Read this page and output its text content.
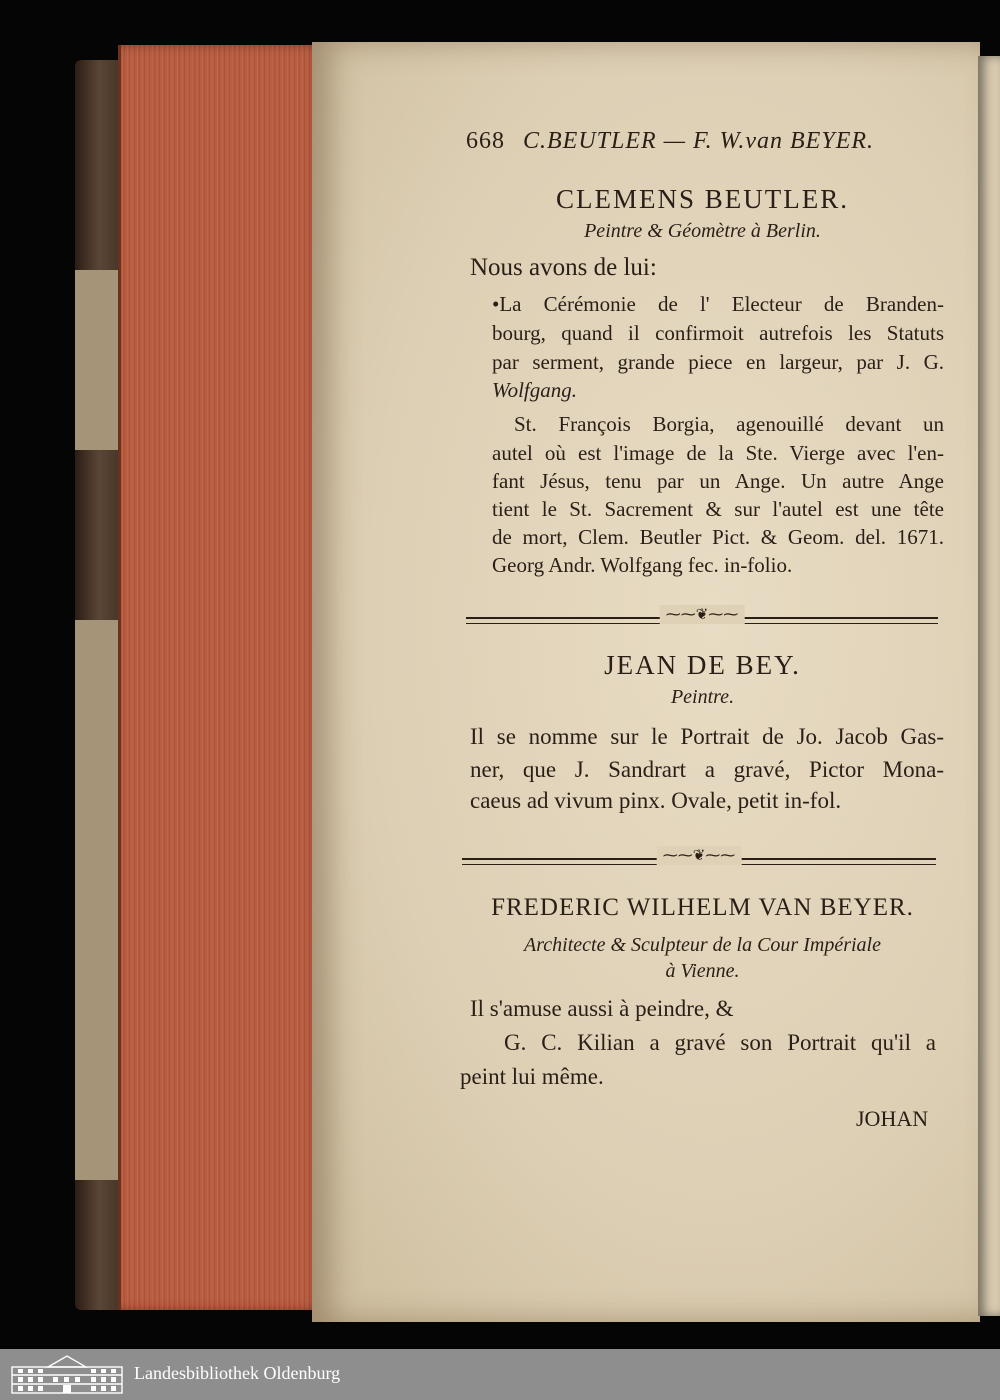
668 C.BEUTLER — F. W.van BEYER.
CLEMENS BEUTLER.
Peintre & Géomètre à Berlin.
Nous avons de lui:
•La Cérémonie de l' Electeur de Branden-
bourg, quand il confirmoit autrefois les Statuts
par serment, grande piece en largeur, par J. G.
Wolfgang.
St. François Borgia, agenouillé devant un
autel où est l'image de la Ste. Vierge avec l'en-
fant Jésus, tenu par un Ange. Un autre Ange
tient le St. Sacrement & sur l'autel est une tête
de mort, Clem. Beutler Pict. & Geom. del. 1671.
Georg Andr. Wolfgang fec. in-folio.
⁓⁓❦⁓⁓
JEAN DE BEY.
Peintre.
Il se nomme sur le Portrait de Jo. Jacob Gas-
ner, que J. Sandrart a gravé, Pictor Mona-
caeus ad vivum pinx. Ovale, petit in-fol.
⁓⁓❦⁓⁓
FREDERIC WILHELM VAN BEYER.
Architecte & Sculpteur de la Cour Impériale
à Vienne.
Il s'amuse aussi à peindre, &
G. C. Kilian a gravé son Portrait qu'il a
peint lui même.
JOHAN
Landesbibliothek Oldenburg
